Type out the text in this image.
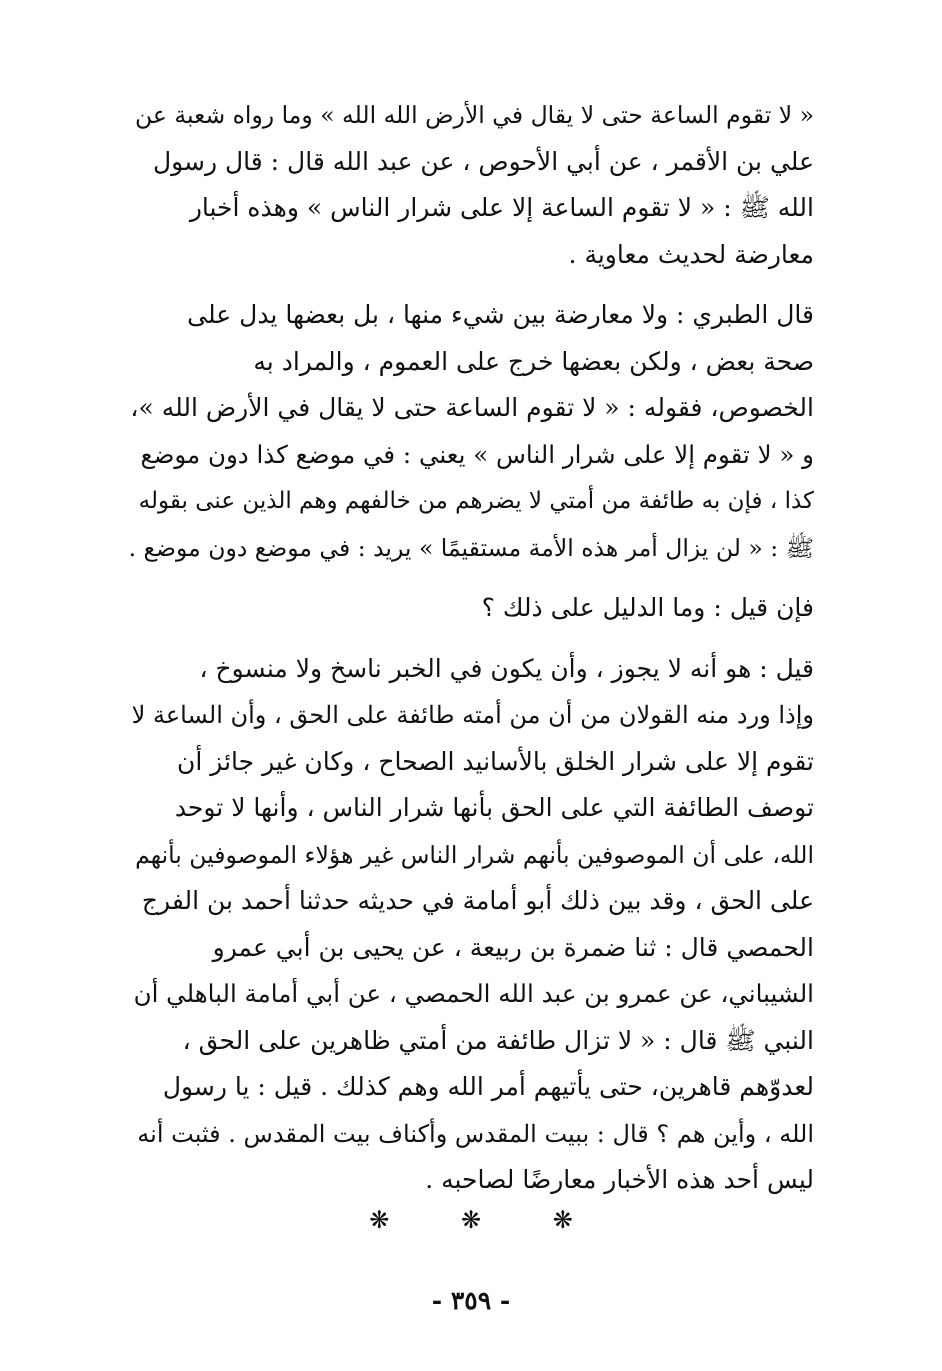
« لا تقوم الساعة حتى لا يقال في الأرض الله الله » وما رواه شعبة عن
علي بن الأقمر ، عن أبي الأحوص ، عن عبد الله قال : قال رسول
الله ﷺ : « لا تقوم الساعة إلا على شرار الناس » وهذه أخبار
معارضة لحديث معاوية .

قال الطبري : ولا معارضة بين شيء منها ، بل بعضها يدل على
صحة بعض ، ولكن بعضها خرج على العموم ، والمراد به
الخصوص، فقوله : « لا تقوم الساعة حتى لا يقال في الأرض الله »،
و « لا تقوم إلا على شرار الناس » يعني : في موضع كذا دون موضع
كذا ، فإن به طائفة من أمتي لا يضرهم من خالفهم وهم الذين عنى بقوله
ﷺ : « لن يزال أمر هذه الأمة مستقيمًا » يريد : في موضع دون موضع .

فإن قيل : وما الدليل على ذلك ؟

قيل : هو أنه لا يجوز ، وأن يكون في الخبر ناسخ ولا منسوخ ،
وإذا ورد منه القولان من أن من أمته طائفة على الحق ، وأن الساعة لا
تقوم إلا على شرار الخلق بالأسانيد الصحاح ، وكان غير جائز أن
توصف الطائفة التي على الحق بأنها شرار الناس ، وأنها لا توحد
الله، على أن الموصوفين بأنهم شرار الناس غير هؤلاء الموصوفين بأنهم
على الحق ، وقد بين ذلك أبو أمامة في حديثه حدثنا أحمد بن الفرج
الحمصي قال : ثنا ضمرة بن ربيعة ، عن يحيى بن أبي عمرو
الشيباني، عن عمرو بن عبد الله الحمصي ، عن أبي أمامة الباهلي أن
النبي ﷺ قال : « لا تزال طائفة من أمتي ظاهرين على الحق ،
لعدوّهم قاهرين، حتى يأتيهم أمر الله وهم كذلك . قيل : يا رسول
الله ، وأين هم ؟ قال : ببيت المقدس وأكناف بيت المقدس . فثبت أنه
ليس أحد هذه الأخبار معارضًا لصاحبه .

❋	❋	❋
- ٣٥٩ -
